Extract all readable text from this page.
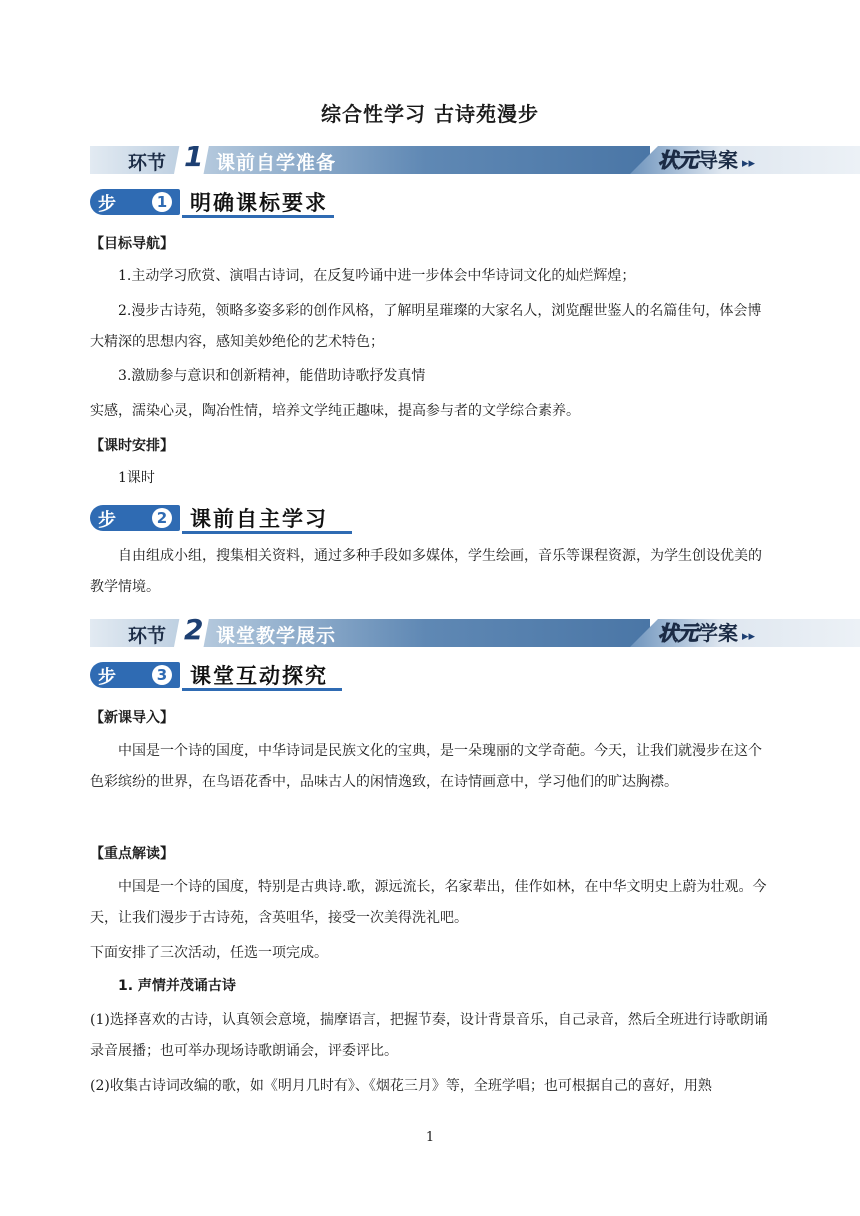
综合性学习 古诗苑漫步
环节 1 课前自学准备	状元导案 ▸▸
步骤
1 明确课标要求
【目标导航】
1.主动学习欣赏、演唱古诗词，在反复吟诵中进一步体会中华诗词文化的灿烂辉煌；
2.漫步古诗苑，领略多姿多彩的创作风格，了解明星璀璨的大家名人，浏览醒世鉴人的名篇佳句，体会博大精深的思想内容，感知美妙绝伦的艺术特色；
3.激励参与意识和创新精神，能借助诗歌抒发真情
实感，濡染心灵，陶冶性情，培养文学纯正趣味，提高参与者的文学综合素养。
【课时安排】
1课时
步骤
2 课前自主学习
自由组成小组，搜集相关资料，通过多种手段如多媒体，学生绘画，音乐等课程资源，为学生创设优美的教学情境。
环节 2 课堂教学展示	状元学案 ▸▸
步骤
3 课堂互动探究
【新课导入】
中国是一个诗的国度，中华诗词是民族文化的宝典，是一朵瑰丽的文学奇葩。今天，让我们就漫步在这个色彩缤纷的世界，在鸟语花香中，品味古人的闲情逸致，在诗情画意中，学习他们的旷达胸襟。
【重点解读】
中国是一个诗的国度，特别是古典诗.歌，源远流长，名家辈出，佳作如林，在中华文明史上蔚为壮观。今天，让我们漫步于古诗苑，含英咀华，接受一次美得洗礼吧。
下面安排了三次活动，任选一项完成。
1. 声情并茂诵古诗
(1)选择喜欢的古诗，认真领会意境，揣摩语言，把握节奏，设计背景音乐，自己录音，然后全班进行诗歌朗诵录音展播；也可举办现场诗歌朗诵会，评委评比。
(2)收集古诗词改编的歌，如《明月几时有》、《烟花三月》等，全班学唱；也可根据自己的喜好，用熟
1
